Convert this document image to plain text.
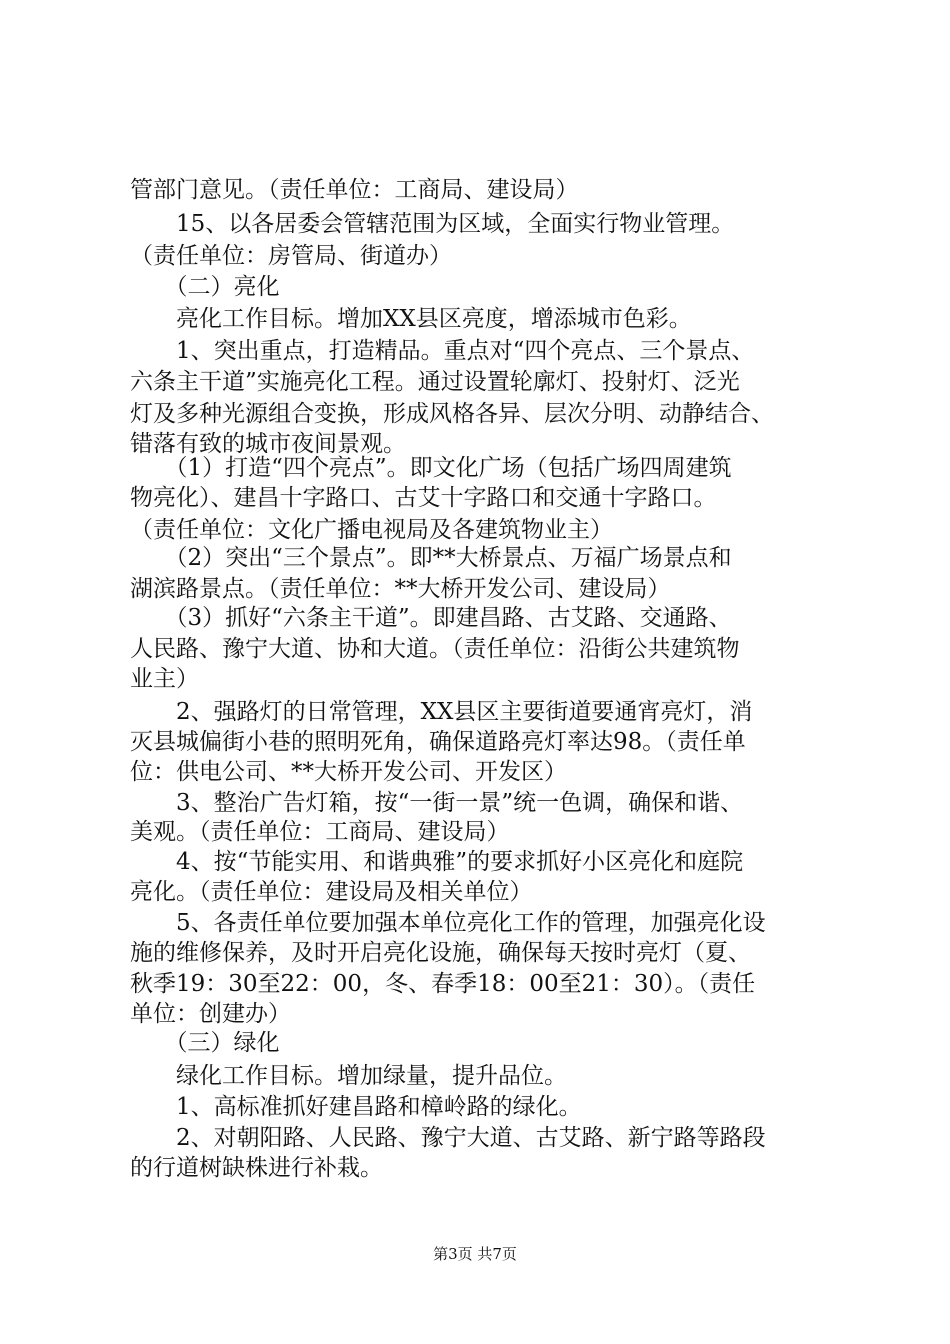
管部门意见。（责任单位：工商局、建设局）
　　15、以各居委会管辖范围为区域，全面实行物业管理。
（责任单位：房管局、街道办）
　　（二）亮化
　　亮化工作目标。增加XX县区亮度，增添城市色彩。
　　1、突出重点，打造精品。重点对“四个亮点、三个景点、
六条主干道”实施亮化工程。通过设置轮廓灯、投射灯、泛光
灯及多种光源组合变换，形成风格各异、层次分明、动静结合、
错落有致的城市夜间景观。
　　（1）打造“四个亮点”。即文化广场（包括广场四周建筑
物亮化）、建昌十字路口、古艾十字路口和交通十字路口。
（责任单位：文化广播电视局及各建筑物业主）
　　（2）突出“三个景点”。即**大桥景点、万福广场景点和
湖滨路景点。（责任单位：**大桥开发公司、建设局）
　　（3）抓好“六条主干道”。即建昌路、古艾路、交通路、
人民路、豫宁大道、协和大道。（责任单位：沿街公共建筑物
业主）
　　2、强路灯的日常管理，XX县区主要街道要通宵亮灯，消
灭县城偏街小巷的照明死角，确保道路亮灯率达98。（责任单
位：供电公司、**大桥开发公司、开发区）
　　3、整治广告灯箱，按“一街一景”统一色调，确保和谐、
美观。（责任单位：工商局、建设局）
　　4、按“节能实用、和谐典雅”的要求抓好小区亮化和庭院
亮化。（责任单位：建设局及相关单位）
　　5、各责任单位要加强本单位亮化工作的管理，加强亮化设
施的维修保养，及时开启亮化设施，确保每天按时亮灯（夏、
秋季19：30至22：00，冬、春季18：00至21：30）。（责任
单位：创建办）
　　（三）绿化
　　绿化工作目标。增加绿量，提升品位。
　　1、高标准抓好建昌路和樟岭路的绿化。
　　2、对朝阳路、人民路、豫宁大道、古艾路、新宁路等路段
的行道树缺株进行补栽。
第3页 共7页
